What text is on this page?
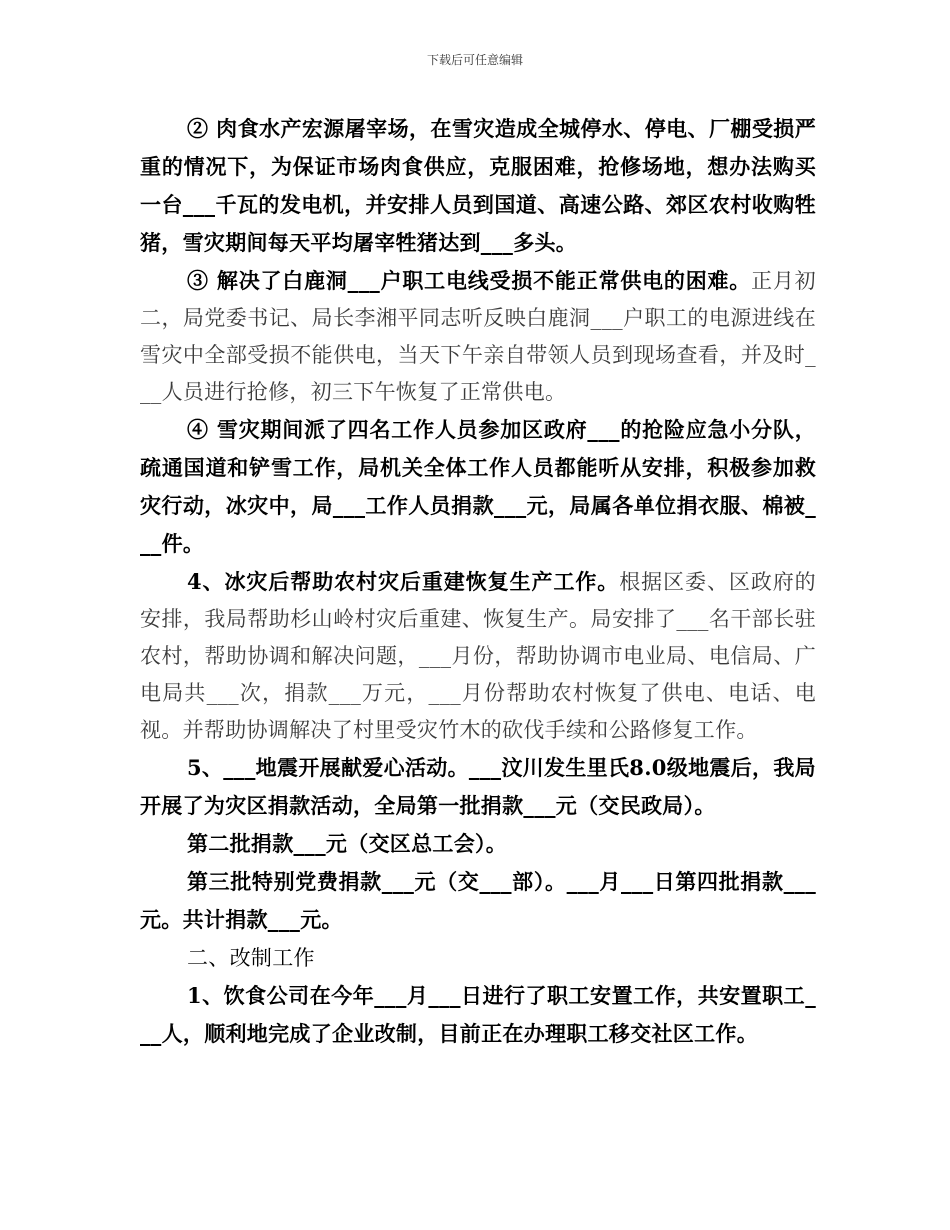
下载后可任意编辑

② 肉食水产宏源屠宰场，在雪灾造成全城停水、停电、厂棚受损严重的情况下，为保证市场肉食供应，克服困难，抢修场地，想办法购买一台___千瓦的发电机，并安排人员到国道、高速公路、郊区农村收购牲猪，雪灾期间每天平均屠宰牲猪达到___多头。

③ 解决了白鹿洞___户职工电线受损不能正常供电的困难。正月初二，局党委书记、局长李湘平同志听反映白鹿洞___户职工的电源进线在雪灾中全部受损不能供电，当天下午亲自带领人员到现场查看，并及时___人员进行抢修，初三下午恢复了正常供电。

④ 雪灾期间派了四名工作人员参加区政府___的抢险应急小分队，疏通国道和铲雪工作，局机关全体工作人员都能听从安排，积极参加救灾行动，冰灾中，局___工作人员捐款___元，局属各单位捐衣服、棉被___件。

4、冰灾后帮助农村灾后重建恢复生产工作。根据区委、区政府的安排，我局帮助杉山岭村灾后重建、恢复生产。局安排了___名干部长驻农村，帮助协调和解决问题，___月份，帮助协调市电业局、电信局、广电局共___次，捐款___万元，___月份帮助农村恢复了供电、电话、电视。并帮助协调解决了村里受灾竹木的砍伐手续和公路修复工作。

5、___地震开展献爱心活动。___汶川发生里氏8.0级地震后，我局开展了为灾区捐款活动，全局第一批捐款___元（交民政局）。

第二批捐款___元（交区总工会）。

第三批特别党费捐款___元（交___部）。___月___日第四批捐款___元。共计捐款___元。

二、改制工作

1、饮食公司在今年___月___日进行了职工安置工作，共安置职工___人，顺利地完成了企业改制，目前正在办理职工移交社区工作。
